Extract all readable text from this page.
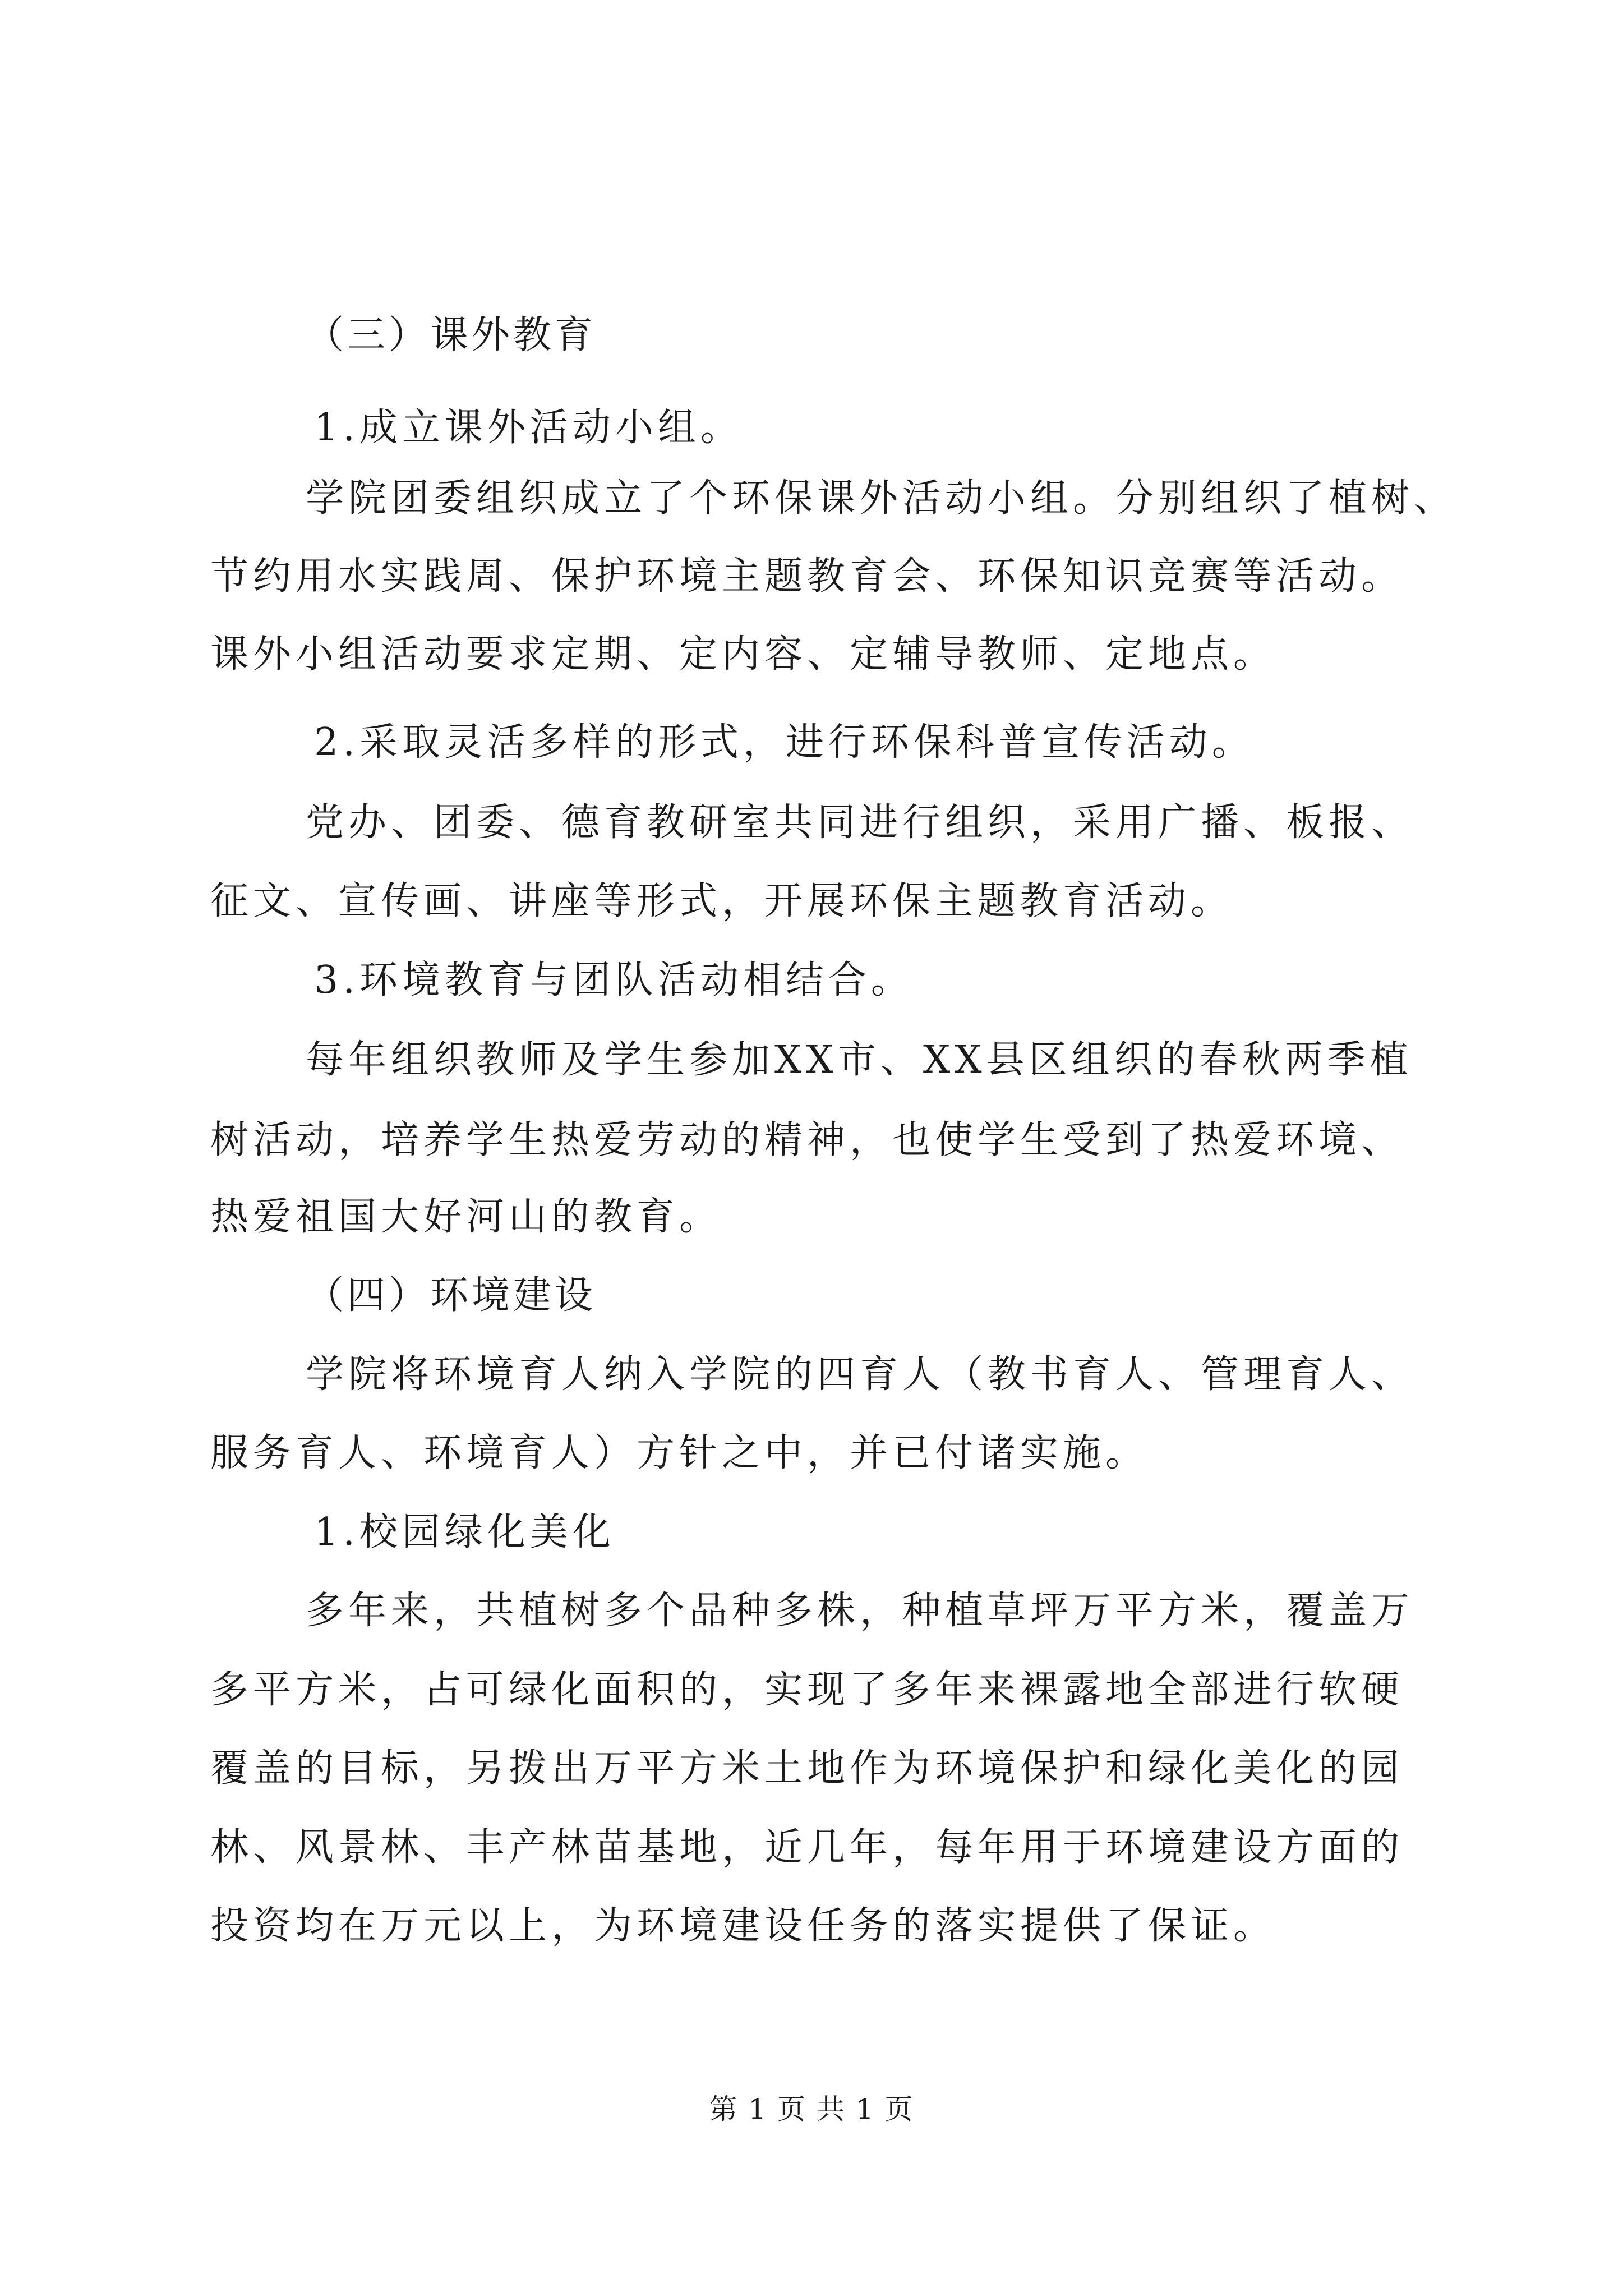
（三）课外教育
1.成立课外活动小组。
学院团委组织成立了个环保课外活动小组。分别组织了植树、
节约用水实践周、保护环境主题教育会、环保知识竞赛等活动。
课外小组活动要求定期、定内容、定辅导教师、定地点。
2.采取灵活多样的形式，进行环保科普宣传活动。
党办、团委、德育教研室共同进行组织，采用广播、板报、
征文、宣传画、讲座等形式，开展环保主题教育活动。
3.环境教育与团队活动相结合。
每年组织教师及学生参加XX市、XX县区组织的春秋两季植
树活动，培养学生热爱劳动的精神，也使学生受到了热爱环境、
热爱祖国大好河山的教育。
（四）环境建设
学院将环境育人纳入学院的四育人（教书育人、管理育人、
服务育人、环境育人）方针之中，并已付诸实施。
1.校园绿化美化
多年来，共植树多个品种多株，种植草坪万平方米，覆盖万
多平方米，占可绿化面积的，实现了多年来裸露地全部进行软硬
覆盖的目标，另拨出万平方米土地作为环境保护和绿化美化的园
林、风景林、丰产林苗基地，近几年，每年用于环境建设方面的
投资均在万元以上，为环境建设任务的落实提供了保证。
第 1 页 共 1 页
